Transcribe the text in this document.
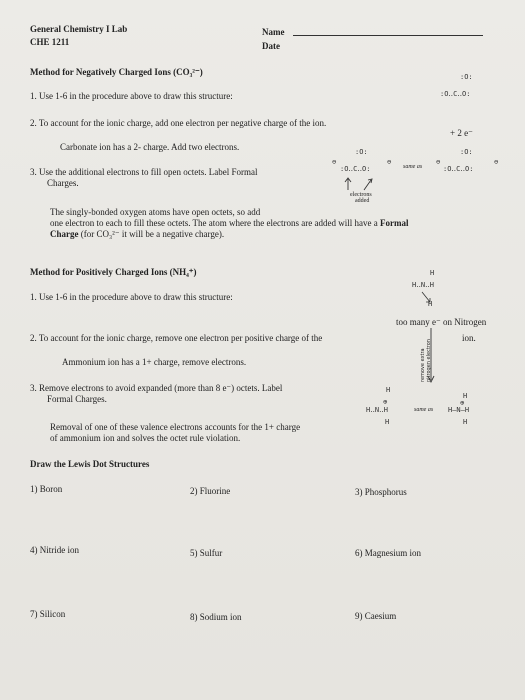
General Chemistry I Lab
CHE 1211
Name
Date
Method for Negatively Charged Ions (CO₃²⁻)
1. Use 1-6 in the procedure above to draw this structure:
:O:
:O‥C‥O:
2. To account for the ionic charge, add one electron per negative charge of the ion.
+ 2 e⁻
Carbonate ion has a 2- charge. Add two electrons.	:O:	:O:
3. Use the additional electrons to fill open octets. Label Formal
Charges.
⊖
:O‥C‥O:
⊖
same as	:O‥C‥O:
⊖	⊖
electrons
added
The singly-bonded oxygen atoms have open octets, so add
one electron to each to fill these octets. The atom where the electrons are added will have a Formal
Charge (for CO₃²⁻ it will be a negative charge).
Method for Positively Charged Ions (NH₄⁺)	H
H‥N‥H
1. Use 1-6 in the procedure above to draw this structure:
H
too many e⁻ on Nitrogen
2. To account for the ionic charge, remove one electron per positive charge of the	ion.
remove extra nitrogen electron
Ammonium ion has a 1+ charge, remove electrons.
3. Remove electrons to avoid expanded (more than 8 e⁻) octets. Label
Formal Charges.
H
⊕
H‥N‥H	same as
H
⊕
H—N—H
H	H
Removal of one of these valence electrons accounts for the 1+ charge
of ammonium ion and solves the octet rule violation.
Draw the Lewis Dot Structures
1) Boron	2) Fluorine	3) Phosphorus
4) Nitride ion	5) Sulfur	6) Magnesium ion
7) Silicon	8) Sodium ion	9) Caesium
